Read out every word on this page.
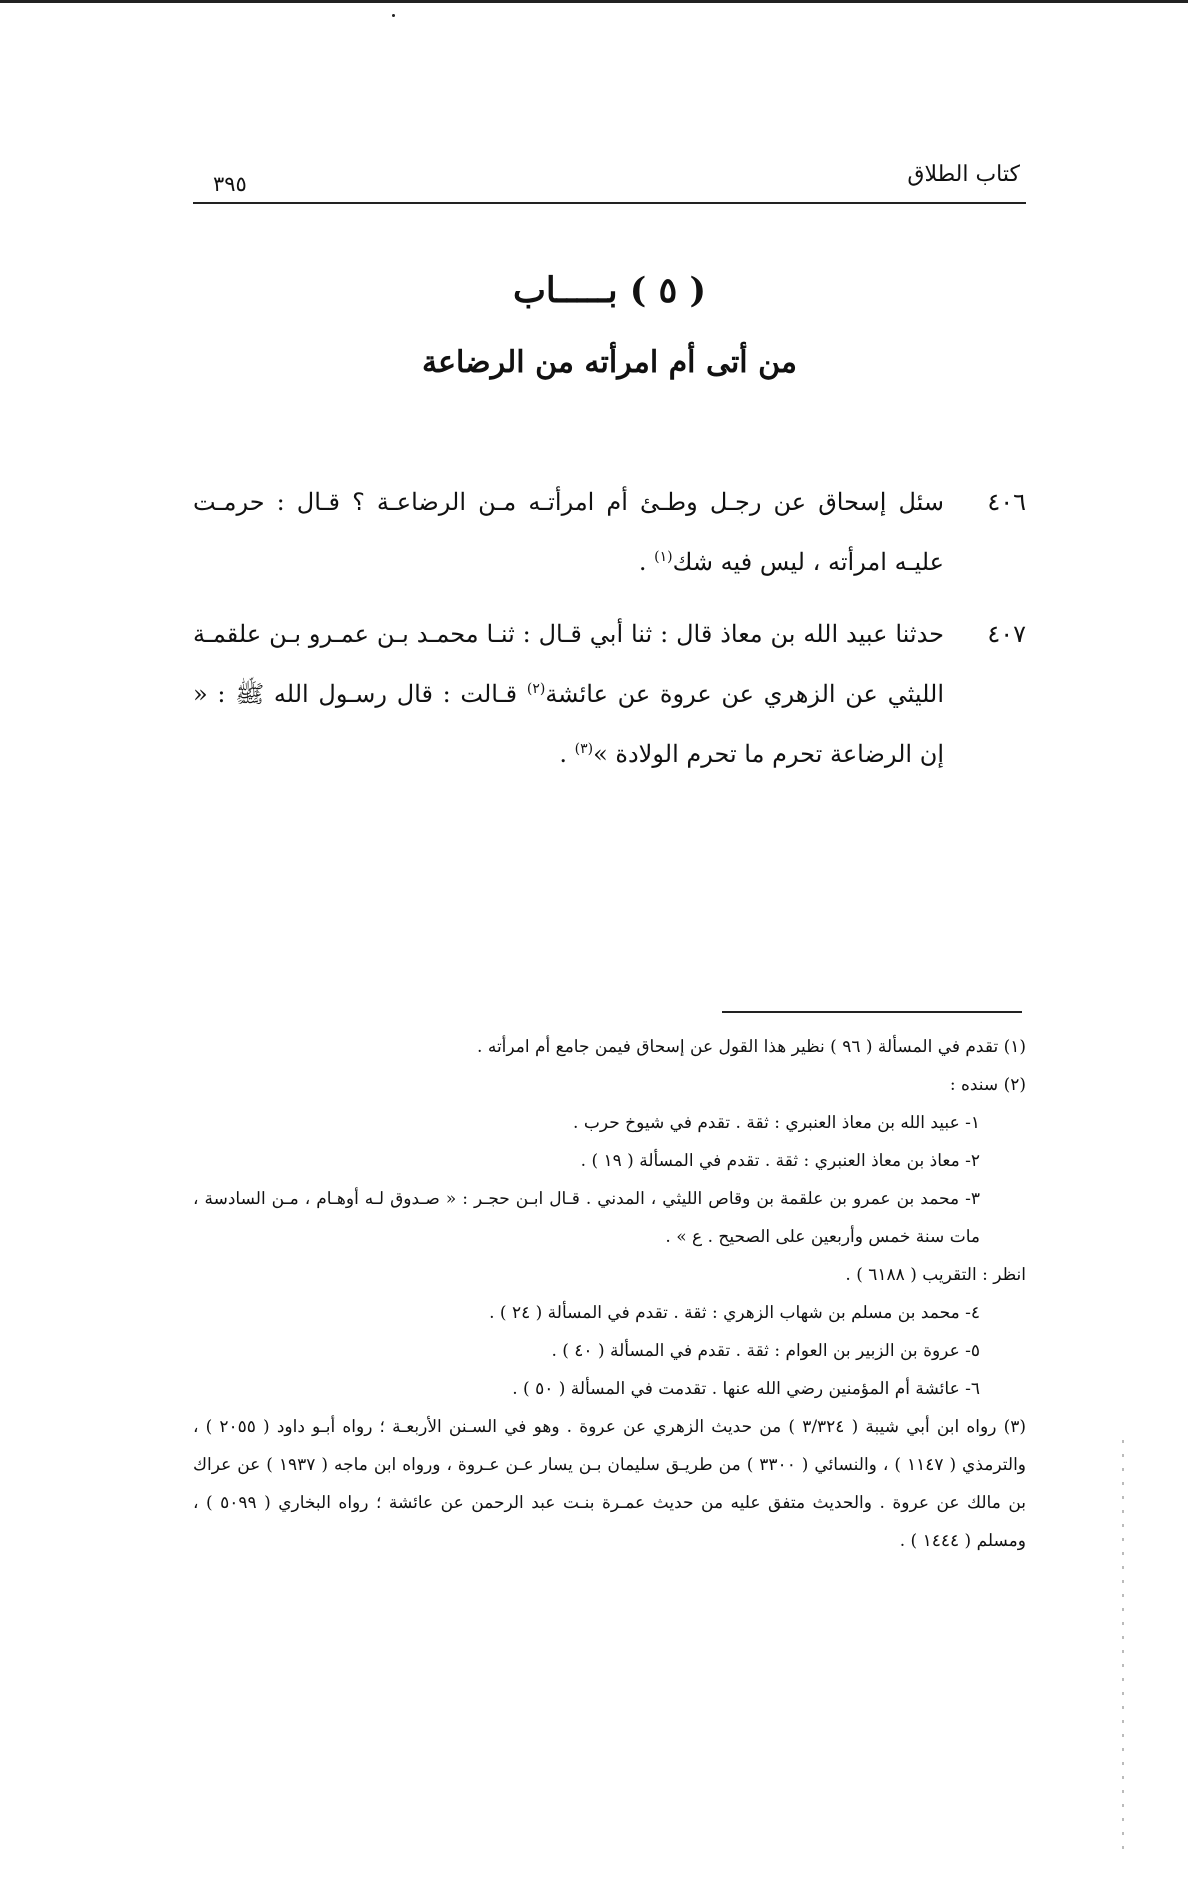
كتاب الطلاق
٣٩٥
( ٥ ) بـــــاب
من أتى أم امرأته من الرضاعة
٤٠٦
سئل إسحاق عن رجـل وطـئ أم امرأتـه مـن الرضاعـة ؟ قـال : حرمـت عليـه امرأته ، ليس فيه شك$^{(١)}$ .
٤٠٧
حدثنا عبيد الله بن معاذ قال : ثنا أبي قـال : ثنـا محمـد بـن عمـرو بـن علقمـة الليثي عن الزهري عن عروة عن عائشة$^{(٢)}$ قـالت : قال رسـول الله ﷺ : « إن الرضاعة تحرم ما تحرم الولادة »$^{(٣)}$ .
(١) تقدم في المسألة ( ٩٦ ) نظير هذا القول عن إسحاق فيمن جامع أم امرأته .
(٢) سنده :
١- عبيد الله بن معاذ العنبري : ثقة . تقدم في شيوخ حرب .
٢- معاذ بن معاذ العنبري : ثقة . تقدم في المسألة ( ١٩ ) .
٣- محمد بن عمرو بن علقمة بن وقاص الليثي ، المدني . قـال ابـن حجـر : « صـدوق لـه أوهـام ، مـن السادسة ، مات سنة خمس وأربعين على الصحيح . ع » .
انظر : التقريب ( ٦١٨٨ ) .
٤- محمد بن مسلم بن شهاب الزهري : ثقة . تقدم في المسألة ( ٢٤ ) .
٥- عروة بن الزبير بن العوام : ثقة . تقدم في المسألة ( ٤٠ ) .
٦- عائشة أم المؤمنين رضي الله عنها . تقدمت في المسألة ( ٥٠ ) .
(٣) رواه ابن أبي شيبة ( ٣/٣٢٤ ) من حديث الزهري عن عروة . وهو في السـنن الأربعـة ؛ رواه أبـو داود ( ٢٠٥٥ ) ، والترمذي ( ١١٤٧ ) ، والنسائي ( ٣٣٠٠ ) من طريـق سليمان بـن يسار عـن عـروة ، ورواه ابن ماجه ( ١٩٣٧ ) عن عراك بن مالك عن عروة . والحديث متفق عليه من حديث عمـرة بنـت عبد الرحمن عن عائشة ؛ رواه البخاري ( ٥٠٩٩ ) ، ومسلم ( ١٤٤٤ ) .
